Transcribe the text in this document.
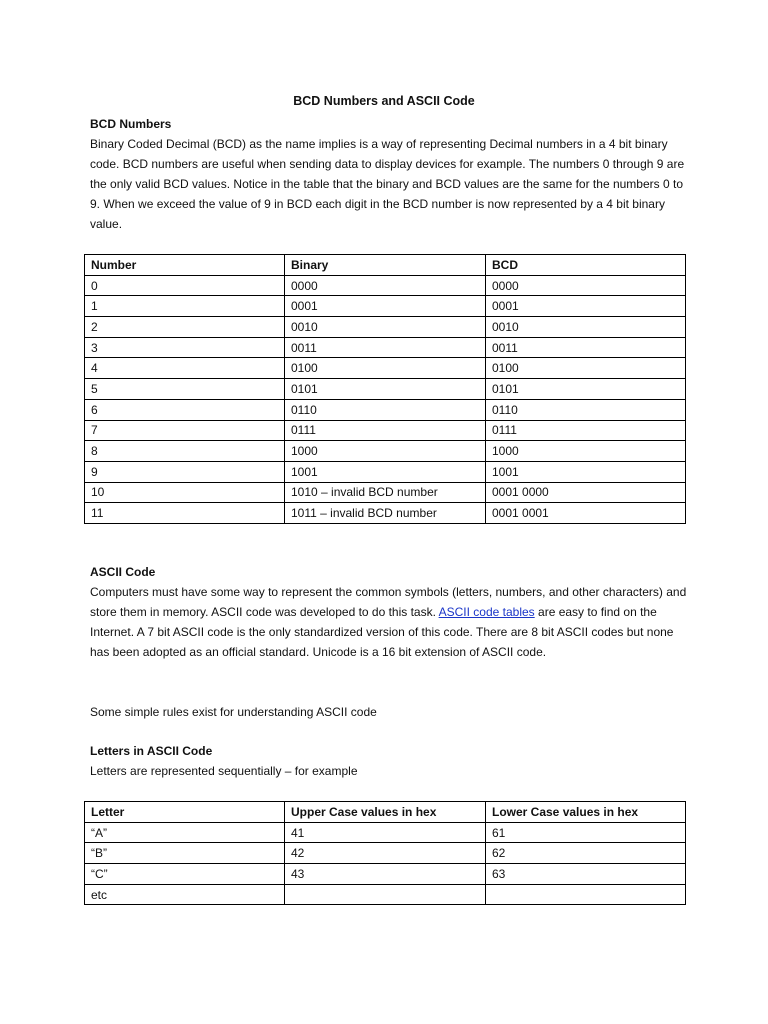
BCD Numbers and ASCII Code

BCD Numbers

Binary Coded Decimal (BCD) as the name implies is a way of representing Decimal numbers in a 4 bit binary code. BCD numbers are useful when sending data to display devices for example. The numbers 0 through 9 are the only valid BCD values. Notice in the table that the binary and BCD values are the same for the numbers 0 to 9. When we exceed the value of 9 in BCD each digit in the BCD number is now represented by a 4 bit binary value.

Number	Binary	BCD
0	0000	0000
1	0001	0001
2	0010	0010
3	0011	0011
4	0100	0100
5	0101	0101
6	0110	0110
7	0111	0111
8	1000	1000
9	1001	1001
10	1010 – invalid BCD number	0001 0000
11	1011 – invalid BCD number	0001 0001

ASCII Code

Computers must have some way to represent the common symbols (letters, numbers, and other characters) and store them in memory. ASCII code was developed to do this task. ASCII code tables are easy to find on the Internet. A 7 bit ASCII code is the only standardized version of this code. There are 8 bit ASCII codes but none has been adopted as an official standard. Unicode is a 16 bit extension of ASCII code.

Some simple rules exist for understanding ASCII code

Letters in ASCII Code

Letters are represented sequentially – for example

Letter	Upper Case values in hex	Lower Case values in hex
“A”	41	61
“B”	42	62
“C”	43	63
etc		
